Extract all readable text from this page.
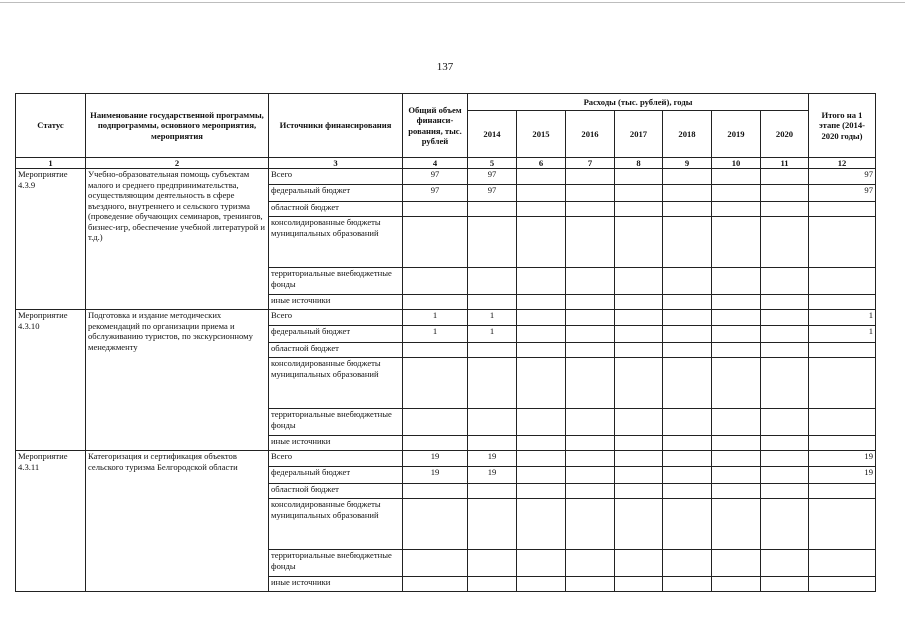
137
Статус	Наименование государственной программы, подпрограммы, основного мероприятия, мероприятия	Источники финансирования	Общий объем финанси-рования, тыс. рублей	Расходы (тыс. рублей), годы							Итого на 1 этапе (2014-2020 годы)
				2014	2015	2016	2017	2018	2019	2020	
1	2	3	4	5	6	7	8	9	10	11	12
Мероприятие
4.3.9	Учебно-образовательная помощь субъектам малого и среднего предпринимательства, осуществляющим деятельность в сфере въездного, внутреннего и сельского туризма (проведение обучающих семинаров, тренингов, бизнес-игр, обеспечение учебной литературой и т.д.)	Всего	97	97							97
		федеральный бюджет	97	97							97
		областной бюджет									
		консолидированные бюджеты муниципальных образований									
		территориальные внебюджетные фонды									
		иные источники									
Мероприятие
4.3.10	Подготовка и издание методических рекомендаций по организации приема и обслуживанию туристов, по экскурсионному менеджменту	Всего	1	1							1
		федеральный бюджет	1	1							1
		областной бюджет									
		консолидированные бюджеты муниципальных образований									
		территориальные внебюджетные фонды									
		иные источники									
Мероприятие
4.3.11	Категоризация и сертификация объектов сельского туризма Белгородской области	Всего	19	19							19
		федеральный бюджет	19	19							19
		областной бюджет									
		консолидированные бюджеты муниципальных образований									
		территориальные внебюджетные фонды									
		иные источники									
